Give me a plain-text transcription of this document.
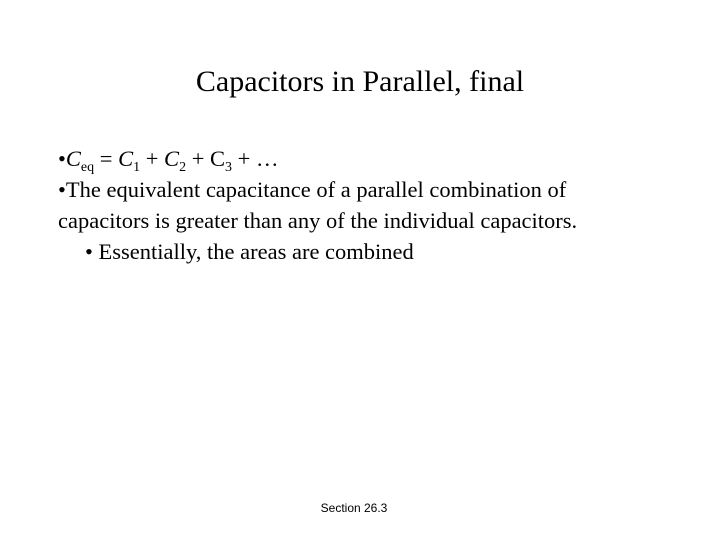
Capacitors in Parallel, final
$•C_{eq} = C_1 + C_2 + C_3$ + …
•The equivalent capacitance of a parallel combination of
capacitors is greater than any of the individual capacitors.
• Essentially, the areas are combined
Section 26.3
